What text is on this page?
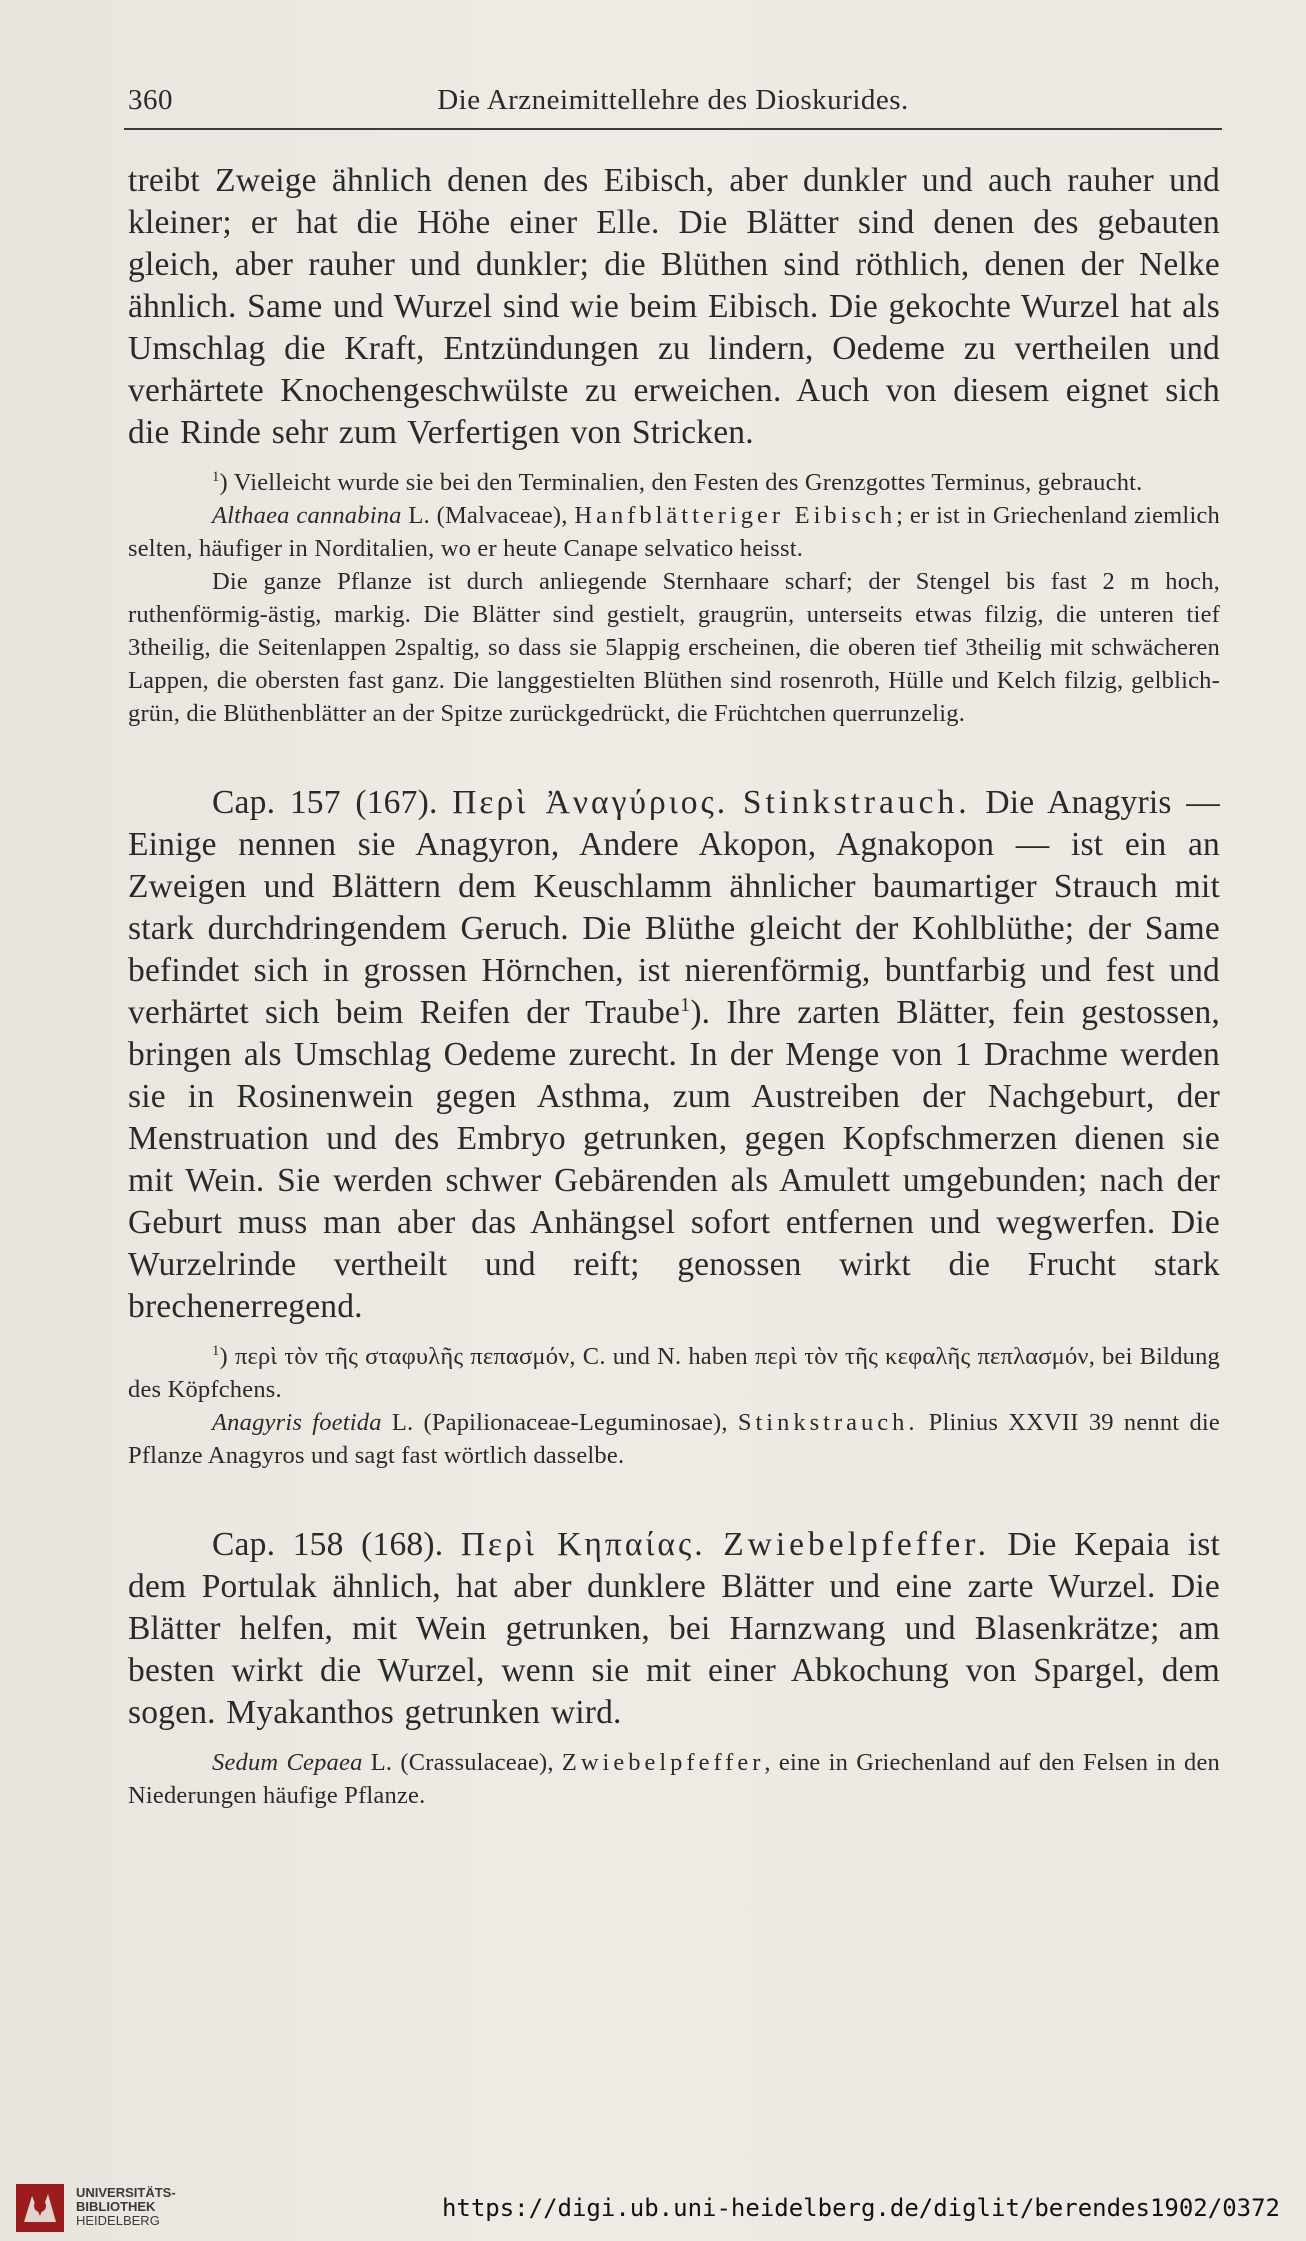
360	Die Arzneimittellehre des Dioskurides.

treibt Zweige ähnlich denen des Eibisch, aber dunkler und auch rauher und kleiner; er hat die Höhe einer Elle. Die Blätter sind denen des gebauten gleich, aber rauher und dunkler; die Blüthen sind röthlich, denen der Nelke ähnlich. Same und Wurzel sind wie beim Eibisch. Die gekochte Wurzel hat als Umschlag die Kraft, Entzündungen zu lindern, Oedeme zu vertheilen und verhärtete Knochengeschwülste zu erweichen. Auch von diesem eignet sich die Rinde sehr zum Verfertigen von Stricken.

$^1$) Vielleicht wurde sie bei den Terminalien, den Festen des Grenzgottes Terminus, gebraucht.

Althaea cannabina L. (Malvaceae), Hanfblätteriger Eibisch; er ist in Griechenland ziemlich selten, häufiger in Norditalien, wo er heute Canape selvatico heisst.

Die ganze Pflanze ist durch anliegende Sternhaare scharf; der Stengel bis fast 2 m hoch, ruthenförmig-ästig, markig. Die Blätter sind gestielt, graugrün, unterseits etwas filzig, die unteren tief 3theilig, die Seitenlappen 2spaltig, so dass sie 5lappig erscheinen, die oberen tief 3theilig mit schwächeren Lappen, die obersten fast ganz. Die langgestielten Blüthen sind rosenroth, Hülle und Kelch filzig, gelblich-grün, die Blüthenblätter an der Spitze zurückgedrückt, die Früchtchen querrunzelig.

Cap. 157 (167). Περὶ Ἀναγύριος. Stinkstrauch. Die Anagyris — Einige nennen sie Anagyron, Andere Akopon, Agnakopon — ist ein an Zweigen und Blättern dem Keuschlamm ähnlicher baumartiger Strauch mit stark durchdringendem Geruch. Die Blüthe gleicht der Kohlblüthe; der Same befindet sich in grossen Hörnchen, ist nierenförmig, buntfarbig und fest und verhärtet sich beim Reifen der Traube$^1$). Ihre zarten Blätter, fein gestossen, bringen als Umschlag Oedeme zurecht. In der Menge von 1 Drachme werden sie in Rosinenwein gegen Asthma, zum Austreiben der Nachgeburt, der Menstruation und des Embryo getrunken, gegen Kopfschmerzen dienen sie mit Wein. Sie werden schwer Gebärenden als Amulett umgebunden; nach der Geburt muss man aber das Anhängsel sofort entfernen und wegwerfen. Die Wurzelrinde vertheilt und reift; genossen wirkt die Frucht stark brechenerregend.

$^1$) περὶ τὸν τῆς σταφυλῆς πεπασμόν, C. und N. haben περὶ τὸν τῆς κεφαλῆς πεπλασμόν, bei Bildung des Köpfchens.

Anagyris foetida L. (Papilionaceae-Leguminosae), Stinkstrauch. Plinius XXVII 39 nennt die Pflanze Anagyros und sagt fast wörtlich dasselbe.

Cap. 158 (168). Περὶ Κηπαίας. Zwiebelpfeffer. Die Kepaia ist dem Portulak ähnlich, hat aber dunklere Blätter und eine zarte Wurzel. Die Blätter helfen, mit Wein getrunken, bei Harnzwang und Blasenkrätze; am besten wirkt die Wurzel, wenn sie mit einer Abkochung von Spargel, dem sogen. Myakanthos getrunken wird.

Sedum Cepaea L. (Crassulaceae), Zwiebelpfeffer, eine in Griechenland auf den Felsen in den Niederungen häufige Pflanze.

UNIVERSITÄTS-
BIBLIOTHEK
HEIDELBERG	https://digi.ub.uni-heidelberg.de/diglit/berendes1902/0372
